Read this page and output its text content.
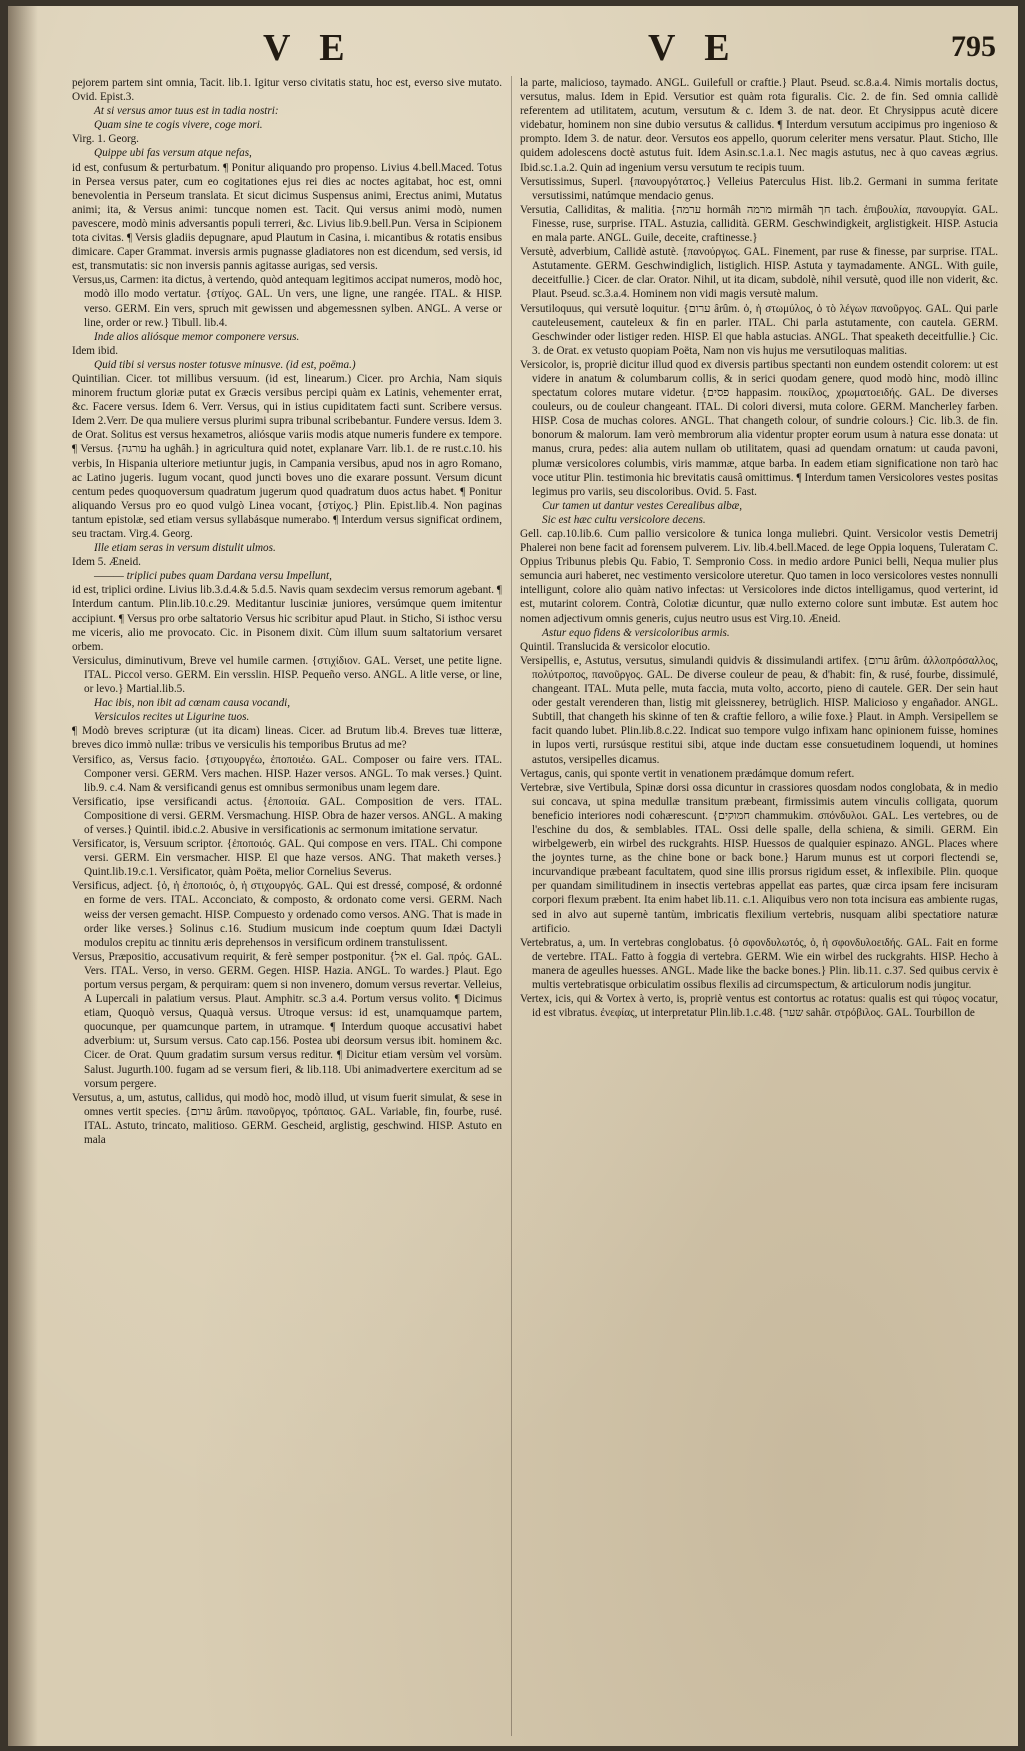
V E	V E	795

pejorem partem sint omnia, Tacit. lib.1. Igitur verso civitatis statu, hoc est, everso sive mutato. Ovid. Epist.3.

At si versus amor tuus est in tadia nostri:

Quam sine te cogis vivere, coge mori.

Virg. 1. Georg.

Quippe ubi fas versum atque nefas,

id est, confusum & perturbatum. ¶ Ponitur aliquando pro propenso. Livius 4.bell.Maced. Totus in Persea versus pater, cum eo cogitationes ejus rei dies ac noctes agitabat, hoc est, omni benevolentia in Perseum translata. Et sicut dicimus Suspensus animi, Erectus animi, Mutatus animi; ita, & Versus animi: tuncque nomen est. Tacit. Qui versus animi modò, numen pavescere, modò minis adversantis populi terreri, &c. Livius lib.9.bell.Pun. Versa in Scipionem tota civitas. ¶ Versis gladiis depugnare, apud Plautum in Casina, i. micantibus & rotatis ensibus dimicare. Caper Grammat. inversis armis pugnasse gladiatores non est dicendum, sed versis, id est, transmutatis: sic non inversis pannis agitasse aurigas, sed versis.

Versus,us, Carmen: ita dictus, à vertendo, quòd antequam legitimos accipat numeros, modò hoc, modò illo modo vertatur. {στίχος. GAL. Un vers, une ligne, une rangée. ITAL. & HISP. verso. GERM. Ein vers, spruch mit gewissen und abgemessnen sylben. ANGL. A verse or line, order or rew.} Tibull. lib.4.

Inde alios aliósque memor componere versus.

Idem ibid.

Quid tibi si versus noster totusve minusve. (id est, poëma.)

Quintilian. Cicer. tot millibus versuum. (id est, linearum.) Cicer. pro Archia, Nam siquis minorem fructum gloriæ putat ex Græcis versibus percipi quàm ex Latinis, vehementer errat, &c. Facere versus. Idem 6. Verr. Versus, qui in istius cupiditatem facti sunt. Scribere versus. Idem 2.Verr. De qua muliere versus plurimi supra tribunal scribebantur. Fundere versus. Idem 3. de Orat. Solitus est versus hexametros, aliósque variis modis atque numeris fundere ex tempore. ¶ Versus. {עורגה ha ughâh.} in agricultura quid notet, explanare Varr. lib.1. de re rust.c.10. his verbis, In Hispania ulteriore metiuntur jugis, in Campania versibus, apud nos in agro Romano, ac Latino jugeris. Iugum vocant, quod juncti boves uno die exarare possunt. Versum dicunt centum pedes quoquoversum quadratum jugerum quod quadratum duos actus habet. ¶ Ponitur aliquando Versus pro eo quod vulgò Linea vocant, {στίχος.} Plin. Epist.lib.4. Non paginas tantum epistolæ, sed etiam versus syllabásque numerabo. ¶ Interdum versus significat ordinem, seu tractam. Virg.4. Georg.

Ille etiam seras in versum distulit ulmos.

Idem 5. Æneid.

——— triplici pubes quam Dardana versu Impellunt,

id est, triplici ordine. Livius lib.3.d.4.& 5.d.5. Navis quam sexdecim versus remorum agebant. ¶ Interdum cantum. Plin.lib.10.c.29. Meditantur lusciniæ juniores, versúmque quem imitentur accipiunt. ¶ Versus pro orbe saltatorio Versus hic scribitur apud Plaut. in Sticho, Si isthoc versu me viceris, alio me provocato. Cic. in Pisonem dixit. Cùm illum suum saltatorium versaret orbem.

Versiculus, diminutivum, Breve vel humile carmen. {στιχίδιον. GAL. Verset, une petite ligne. ITAL. Piccol verso. GERM. Ein versslin. HISP. Pequeño verso. ANGL. A litle verse, or line, or levo.} Martial.lib.5.

Hac ibis, non ibit ad cœnam causa vocandi,

Versiculos recites ut Ligurine tuos.

¶ Modò breves scripturæ (ut ita dicam) lineas. Cicer. ad Brutum lib.4. Breves tuæ litteræ, breves dico immò nullæ: tribus ve versiculis his temporibus Brutus ad me?

Versifico, as, Versus facio. {στιχουργέω, ἐποποιέω. GAL. Composer ou faire vers. ITAL. Componer versi. GERM. Vers machen. HISP. Hazer versos. ANGL. To mak verses.} Quint. lib.9. c.4. Nam & versificandi genus est omnibus sermonibus unam legem dare.

Versificatio, ipse versificandi actus. {ἐποποιία. GAL. Composition de vers. ITAL. Compositione di versi. GERM. Versmachung. HISP. Obra de hazer versos. ANGL. A making of verses.} Quintil. ibid.c.2. Abusive in versificationis ac sermonum imitatione servatur.

Versificator, is, Versuum scriptor. {ἐποποιός. GAL. Qui compose en vers. ITAL. Chi compone versi. GERM. Ein versmacher. HISP. El que haze versos. ANG. That maketh verses.} Quint.lib.19.c.1. Versificator, quàm Poëta, melior Cornelius Severus.

Versificus, adject. {ὁ, ἡ ἐποποιός, ὁ, ἡ στιχουργός. GAL. Qui est dressé, composé, & ordonné en forme de vers. ITAL. Acconciato, & composto, & ordonato come versi. GERM. Nach weiss der versen gemacht. HISP. Compuesto y ordenado como versos. ANG. That is made in order like verses.} Solinus c.16. Studium musicum inde coeptum quum Idæi Dactyli modulos crepitu ac tinnitu æris deprehensos in versificum ordinem transtulissent.

Versus, Præpositio, accusativum requirit, & ferè semper postponitur. {אל el. Gal. πρός. GAL. Vers. ITAL. Verso, in verso. GERM. Gegen. HISP. Hazia. ANGL. To wardes.} Plaut. Ego portum versus pergam, & perquiram: quem si non invenero, domum versus revertar. Velleius, A Lupercali in palatium versus. Plaut. Amphitr. sc.3 a.4. Portum versus volito. ¶ Dicimus etiam, Quoquò versus, Quaquà versus. Utroque versus: id est, unamquamque partem, quocunque, per quamcunque partem, in utramque. ¶ Interdum quoque accusativi habet adverbium: ut, Sursum versus. Cato cap.156. Postea ubi deorsum versus ibit. hominem &c. Cicer. de Orat. Quum gradatim sursum versus reditur. ¶ Dicitur etiam versùm vel vorsùm. Salust. Jugurth.100. fugam ad se versum fieri, & lib.118. Ubi animadvertere exercitum ad se vorsum pergere.

Versutus, a, um, astutus, callidus, qui modò hoc, modò illud, ut visum fuerit simulat, & sese in omnes vertit species. {ערום ârûm. πανοῦργος, τρόπαιος. GAL. Variable, fin, fourbe, rusé. ITAL. Astuto, trincato, malitioso. GERM. Gescheid, arglistig, geschwind. HISP. Astuto en mala

la parte, malicioso, taymado. ANGL. Guilefull or craftie.} Plaut. Pseud. sc.8.a.4. Nimis mortalis doctus, versutus, malus. Idem in Epid. Versutior est quàm rota figuralis. Cic. 2. de fin. Sed omnia callidè referentem ad utilitatem, acutum, versutum & c. Idem 3. de nat. deor. Et Chrysippus acutè dicere videbatur, hominem non sine dubio versutus & callidus. ¶ Interdum versutum accipimus pro ingenioso & prompto. Idem 3. de natur. deor. Versutos eos appello, quorum celeriter mens versatur. Plaut. Sticho, Ille quidem adolescens doctè astutus fuit. Idem Asin.sc.1.a.1. Nec magis astutus, nec à quo caveas ægrius. Ibid.sc.1.a.2. Quin ad ingenium versu versutum te recipis tuum.

Versutissimus, Superl. {πανουργότατος.} Velleius Paterculus Hist. lib.2. Germani in summa feritate versutissimi, natúmque mendacio genus.

Versutia, Calliditas, & malitia. {ערמה hormâh מרמה mirmâh חך tach. ἐπιβουλία, πανουργία. GAL. Finesse, ruse, surprise. ITAL. Astuzia, callidità. GERM. Geschwindigkeit, arglistigkeit. HISP. Astucia en mala parte. ANGL. Guile, deceite, craftinesse.}

Versutè, adverbium, Callidè astutè. {πανούργως. GAL. Finement, par ruse & finesse, par surprise. ITAL. Astutamente. GERM. Geschwindiglich, listiglich. HISP. Astuta y taymadamente. ANGL. With guile, deceitfullie.} Cicer. de clar. Orator. Nihil, ut ita dicam, subdolè, nihil versutè, quod ille non viderit, &c. Plaut. Pseud. sc.3.a.4. Hominem non vidi magis versutè malum.

Versutiloquus, qui versutè loquitur. {ערום ârûm. ὁ, ἡ στωμύλος, ὁ τὸ λέγων πανοῦργος. GAL. Qui parle cauteleusement, cauteleux & fin en parler. ITAL. Chi parla astutamente, con cautela. GERM. Geschwinder oder listiger reden. HISP. El que habla astucias. ANGL. That speaketh deceitfullie.} Cic. 3. de Orat. ex vetusto quopiam Poëta, Nam non vis hujus me versutiloquas malitias.

Versicolor, is, propriè dicitur illud quod ex diversis partibus spectanti non eundem ostendit colorem: ut est videre in anatum & columbarum collis, & in serici quodam genere, quod modò hinc, modò illinc spectatum colores mutare videtur. {פסים happasim. ποικίλος, χρωματοειδής. GAL. De diverses couleurs, ou de couleur changeant. ITAL. Di colori diversi, muta colore. GERM. Mancherley farben. HISP. Cosa de muchas colores. ANGL. That changeth colour, of sundrie colours.} Cic. lib.3. de fin. bonorum & malorum. Iam verò membrorum alia videntur propter eorum usum à natura esse donata: ut manus, crura, pedes: alia autem nullam ob utilitatem, quasi ad quendam ornatum: ut cauda pavoni, plumæ versicolores columbis, viris mammæ, atque barba. In eadem etiam significatione non tarò hac voce utitur Plin. testimonia hic brevitatis causâ omittimus. ¶ Interdum tamen Versicolores vestes positas legimus pro variis, seu discoloribus. Ovid. 5. Fast.

Cur tamen ut dantur vestes Cerealibus albæ,

Sic est hæc cultu versicolore decens.

Gell. cap.10.lib.6. Cum pallio versicolore & tunica longa muliebri. Quint. Versicolor vestis Demetrij Phalerei non bene facit ad forensem pulverem. Liv. lib.4.bell.Maced. de lege Oppia loquens, Tuleratam C. Oppius Tribunus plebis Qu. Fabio, T. Sempronio Coss. in medio ardore Punici belli, Nequa mulier plus semuncia auri haberet, nec vestimento versicolore uteretur. Quo tamen in loco versicolores vestes nonnulli intelligunt, colore alio quàm nativo infectas: ut Versicolores inde dictos intelligamus, quod verterint, id est, mutarint colorem. Contrà, Colotiæ dicuntur, quæ nullo externo colore sunt imbutæ. Est autem hoc nomen adjectivum omnis generis, cujus neutro usus est Virg.10. Æneid.

Astur equo fidens & versicoloribus armis.

Quintil. Translucida & versicolor elocutio.

Versipellis, e, Astutus, versutus, simulandi quidvis & dissimulandi artifex. {ערום ârûm. ἀλλοπρόσαλλος, πολύτροπος, πανοῦργος. GAL. De diverse couleur de peau, & d'habit: fin, & rusé, fourbe, dissimulé, changeant. ITAL. Muta pelle, muta faccia, muta volto, accorto, pieno di cautele. GER. Der sein haut oder gestalt verenderen than, listig mit gleissnerey, betrüglich. HISP. Malicioso y engañador. ANGL. Subtill, that changeth his skinne of ten & craftie felloro, a wilie foxe.} Plaut. in Amph. Versipellem se facit quando lubet. Plin.lib.8.c.22. Indicat suo tempore vulgo infixam hanc opinionem fuisse, homines in lupos verti, rursúsque restitui sibi, atque inde ductam esse consuetudinem loquendi, ut homines astutos, versipelles dicamus.

Vertagus, canis, qui sponte vertit in venationem prædámque domum refert.

Vertebræ, sive Vertibula, Spinæ dorsi ossa dicuntur in crassiores quosdam nodos conglobata, & in medio sui concava, ut spina medullæ transitum præbeant, firmissimis autem vinculis colligata, quorum beneficio interiores nodi cohærescunt. {חמוקים chammukim. σπόνδυλοι. GAL. Les vertebres, ou de l'eschine du dos, & semblables. ITAL. Ossi delle spalle, della schiena, & simili. GERM. Ein wirbelgewerb, ein wirbel des ruckgrahts. HISP. Huessos de qualquier espinazo. ANGL. Places where the joyntes turne, as the chine bone or back bone.} Harum munus est ut corpori flectendi se, incurvandique præbeant facultatem, quod sine illis prorsus rigidum esset, & inflexibile. Plin. quoque per quandam similitudinem in insectis vertebras appellat eas partes, quæ circa ipsam fere incisuram corpori flexum præbent. Ita enim habet lib.11. c.1. Aliquibus vero non tota incisura eas ambiente rugas, sed in alvo aut supernè tantùm, imbricatis flexilium vertebris, nusquam alibi spectatiore naturæ artificio.

Vertebratus, a, um. In vertebras conglobatus. {ὁ σφονδυλωτός, ὁ, ἡ σφονδυλοειδής. GAL. Fait en forme de vertebre. ITAL. Fatto à foggia di vertebra. GERM. Wie ein wirbel des ruckgrahts. HISP. Hecho à manera de ageulles huesses. ANGL. Made like the backe bones.} Plin. lib.11. c.37. Sed quibus cervix è multis vertebratisque orbiculatim ossibus flexilis ad circumspectum, & articulorum nodis jungitur.

Vertex, icis, qui & Vortex à verto, is, propriè ventus est contortus ac rotatus: qualis est qui τύφος vocatur, id est vibratus. ἐνεφίας, ut interpretatur Plin.lib.1.c.48. {שער sahâr. στρόβιλος. GAL. Tourbillon de
